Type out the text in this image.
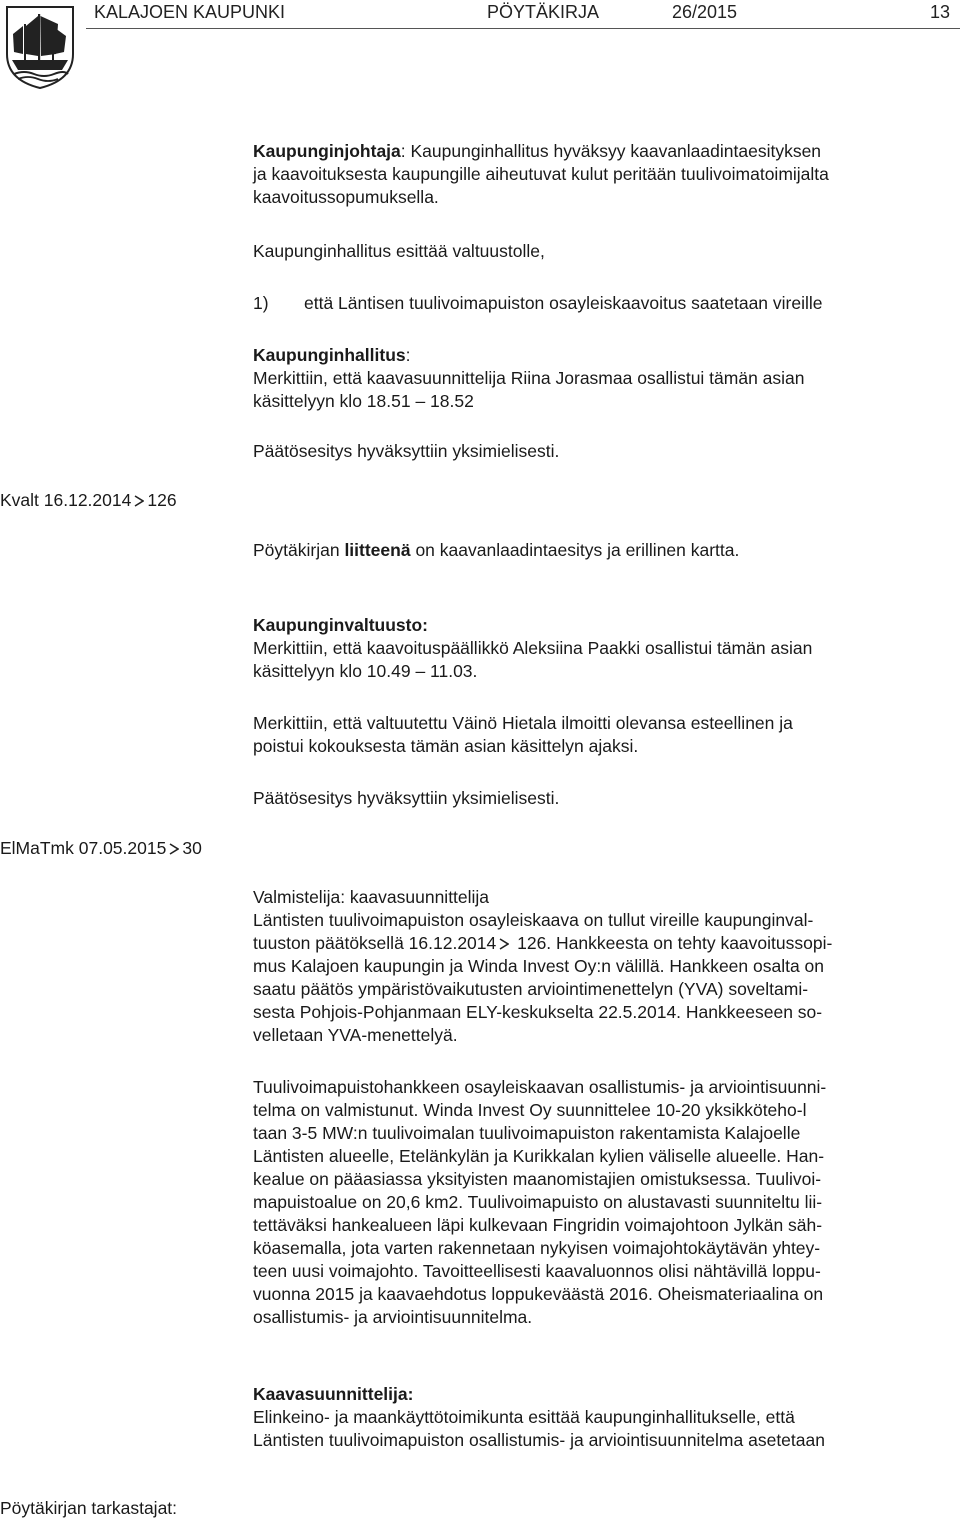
KALAJOEN KAUPUNKI	PÖYTÄKIRJA	26/2015	13
Kaupunginjohtaja: Kaupunginhallitus hyväksyy kaavanlaadintaesityksen
ja kaavoituksesta kaupungille aiheutuvat kulut peritään tuulivoimatoimijalta
kaavoitussopumuksella.
Kaupunginhallitus esittää valtuustolle,
1) että Läntisen tuulivoimapuiston osayleiskaavoitus saatetaan vireille
Kaupunginhallitus:
Merkittiin, että kaavasuunnittelija Riina Jorasmaa osallistui tämän asian
käsittelyyn klo 18.51 – 18.52
Päätösesitys hyväksyttiin yksimielisesti.
Kvalt 16.12.2014 126
Pöytäkirjan liitteenä on kaavanlaadintaesitys ja erillinen kartta.
Kaupunginvaltuusto:
Merkittiin, että kaavoituspäällikkö Aleksiina Paakki osallistui tämän asian
käsittelyyn klo 10.49 – 11.03.
Merkittiin, että valtuutettu Väinö Hietala ilmoitti olevansa esteellinen ja
poistui kokouksesta tämän asian käsittelyn ajaksi.
Päätösesitys hyväksyttiin yksimielisesti.
ElMaTmk 07.05.2015 30
Valmistelija: kaavasuunnittelija
Läntisten tuulivoimapuiston osayleiskaava on tullut vireille kaupunginval-
tuuston päätöksellä 16.12.2014 126. Hankkeesta on tehty kaavoitussopi-
mus Kalajoen kaupungin ja Winda Invest Oy:n välillä. Hankkeen osalta on
saatu päätös ympäristövaikutusten arviointimenettelyn (YVA) soveltami-
sesta Pohjois-Pohjanmaan ELY-keskukselta 22.5.2014. Hankkeeseen so-
velletaan YVA-menettelyä.
Tuulivoimapuistohankkeen osayleiskaavan osallistumis- ja arviointisuunni-
telma on valmistunut. Winda Invest Oy suunnittelee 10-20 yksikköteho-l
taan 3-5 MW:n tuulivoimalan tuulivoimapuiston rakentamista Kalajoelle
Läntisten alueelle, Etelänkylän ja Kurikkalan kylien väliselle alueelle. Han-
kealue on pääasiassa yksityisten maanomistajien omistuksessa. Tuulivoi-
mapuistoalue on 20,6 km2. Tuulivoimapuisto on alustavasti suunniteltu lii-
tettäväksi hankealueen läpi kulkevaan Fingridin voimajohtoon Jylkän säh-
köasemalla, jota varten rakennetaan nykyisen voimajohtokäytävän yhtey-
teen uusi voimajohto. Tavoitteellisesti kaavaluonnos olisi nähtävillä loppu-
vuonna 2015 ja kaavaehdotus loppukeväästä 2016. Oheismateriaalina on
osallistumis- ja arviointisuunnitelma.
Kaavasuunnittelija:
Elinkeino- ja maankäyttötoimikunta esittää kaupunginhallitukselle, että
Läntisten tuulivoimapuiston osallistumis- ja arviointisuunnitelma asetetaan
Pöytäkirjan tarkastajat:
